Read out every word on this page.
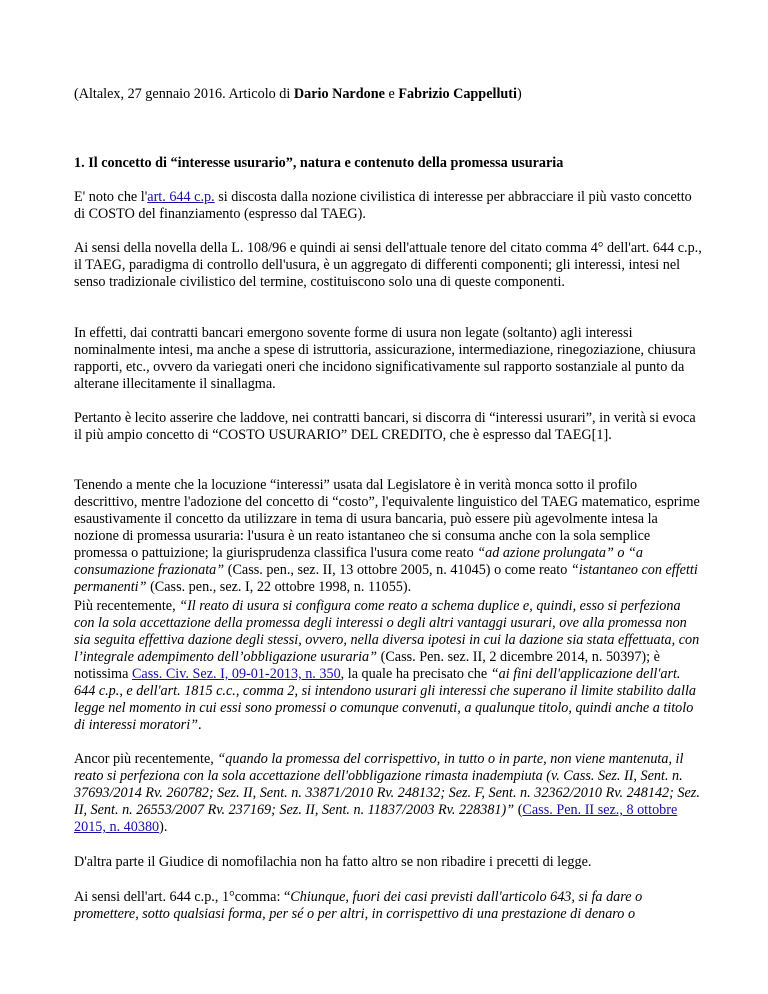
(Altalex, 27 gennaio 2016. Articolo di Dario Nardone e Fabrizio Cappelluti)

1. Il concetto di “interesse usurario”, natura e contenuto della promessa usuraria

E' noto che l'art. 644 c.p. si discosta dalla nozione civilistica di interesse per abbracciare il più vasto concetto di COSTO del finanziamento (espresso dal TAEG).

Ai sensi della novella della L. 108/96 e quindi ai sensi dell'attuale tenore del citato comma 4° dell'art. 644 c.p., il TAEG, paradigma di controllo dell'usura, è un aggregato di differenti componenti; gli interessi, intesi nel senso tradizionale civilistico del termine, costituiscono solo una di queste componenti.

In effetti, dai contratti bancari emergono sovente forme di usura non legate (soltanto) agli interessi nominalmente intesi, ma anche a spese di istruttoria, assicurazione, intermediazione, rinegoziazione, chiusura rapporti, etc., ovvero da variegati oneri che incidono significativamente sul rapporto sostanziale al punto da alterane illecitamente il sinallagma.

Pertanto è lecito asserire che laddove, nei contratti bancari, si discorra di “interessi usurari”, in verità si evoca il più ampio concetto di “COSTO USURARIO” DEL CREDITO, che è espresso dal TAEG[1].

Tenendo a mente che la locuzione “interessi” usata dal Legislatore è in verità monca sotto il profilo descrittivo, mentre l'adozione del concetto di “costo”, l'equivalente linguistico del TAEG matematico, esprime esaustivamente il concetto da utilizzare in tema di usura bancaria, può essere più agevolmente intesa la nozione di promessa usuraria: l'usura è un reato istantaneo che si consuma anche con la sola semplice promessa o pattuizione; la giurisprudenza classifica l'usura come reato “ad azione prolungata” o “a consumazione frazionata” (Cass. pen., sez. II, 13 ottobre 2005, n. 41045) o come reato “istantaneo con effetti permanenti” (Cass. pen., sez. I, 22 ottobre 1998, n. 11055).

Più recentemente, “Il reato di usura si configura come reato a schema duplice e, quindi, esso si perfeziona con la sola accettazione della promessa degli interessi o degli altri vantaggi usurari, ove alla promessa non sia seguita effettiva dazione degli stessi, ovvero, nella diversa ipotesi in cui la dazione sia stata effettuata, con l’integrale adempimento dell’obbligazione usuraria” (Cass. Pen. sez. II, 2 dicembre 2014, n. 50397); è notissima Cass. Civ. Sez. I, 09-01-2013, n. 350, la quale ha precisato che “ai fini dell'applicazione dell'art. 644 c.p., e dell'art. 1815 c.c., comma 2, si intendono usurari gli interessi che superano il limite stabilito dalla legge nel momento in cui essi sono promessi o comunque convenuti, a qualunque titolo, quindi anche a titolo di interessi moratori”.

Ancor più recentemente, “quando la promessa del corrispettivo, in tutto o in parte, non viene mantenuta, il reato si perfeziona con la sola accettazione dell'obbligazione rimasta inadempiuta (v. Cass. Sez. II, Sent. n. 37693/2014 Rv. 260782; Sez. II, Sent. n. 33871/2010 Rv. 248132; Sez. F, Sent. n. 32362/2010 Rv. 248142; Sez. II, Sent. n. 26553/2007 Rv. 237169; Sez. II, Sent. n. 11837/2003 Rv. 228381)” (Cass. Pen. II sez., 8 ottobre 2015, n. 40380).

D'altra parte il Giudice di nomofilachia non ha fatto altro se non ribadire i precetti di legge.

Ai sensi dell'art. 644 c.p., 1°comma: “Chiunque, fuori dei casi previsti dall'articolo 643, si fa dare o promettere, sotto qualsiasi forma, per sé o per altri, in corrispettivo di una prestazione di denaro o
